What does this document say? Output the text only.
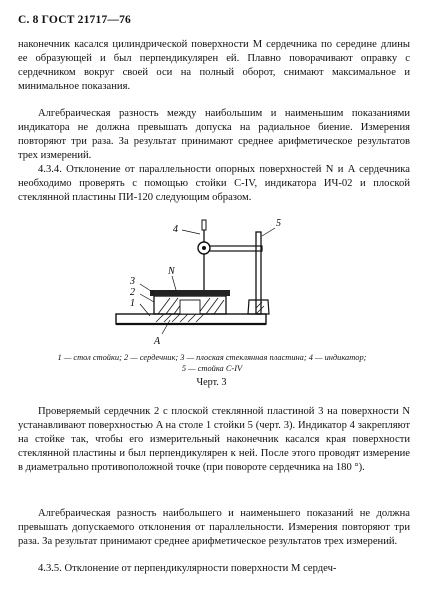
С. 8 ГОСТ 21717—76

наконечник касался цилиндрической поверхности М сердечника по середине длины ее образующей и был перпендикулярен ей. Плавно поворачивают оправку с сердечником вокруг своей оси на полный оборот, снимают максимальное и минимальное показания.

Алгебраическая разность между наибольшим и наименьшим показаниями индикатора не должна превышать допуска на радиальное биение. Измерения повторяют три раза. За результат принимают среднее арифметическое результатов трех измерений.

4.3.4. Отклонение от параллельности опорных поверхностей N и A сердечника необходимо проверять с помощью стойки С-IV, индикатора ИЧ-02 и плоской стеклянной пластины ПИ-120 следующим образом.

3
2
1
N
4
5
A
1 — стол стойки; 2 — сердечник; 3 — плоская стеклянная пластина; 4 — индикатор;
5 — стойка С-IV
Черт. 3

Проверяемый сердечник 2 с плоской стеклянной пластиной 3 на поверхности N устанавливают поверхностью A на столе 1 стойки 5 (черт. 3). Индикатор 4 закрепляют на стойке так, чтобы его измерительный наконечник касался края поверхности стеклянной пластины и был перпендикулярен к ней. После этого проводят измерение в диаметрально противоположной точке (при повороте сердечника на 180 °).

Алгебраическая разность наибольшего и наименьшего показаний не должна превышать допускаемого отклонения от параллельности. Измерения повторяют три раза. За результат принимают среднее арифметическое результатов трех измерений.

4.3.5. Отклонение от перпендикулярности поверхности М сердеч-
